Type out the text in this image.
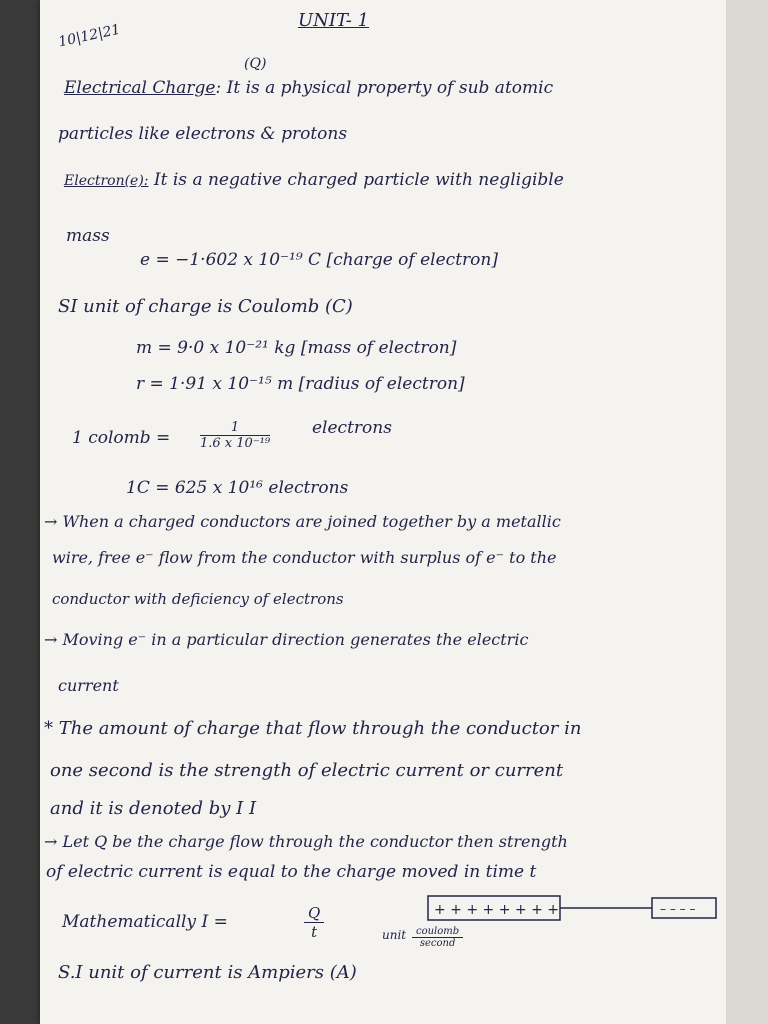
10|12|21
UNIT- 1
(Q)
Electrical Charge: It is a physical property of sub atomic
particles like electrons & protons
Electron(e): It is a negative charged particle with negligible
mass
e = −1·602 x 10⁻¹⁹ C [charge of electron]
SI unit of charge is Coulomb (C)
m = 9·0 x 10⁻²¹ kg [mass of electron]
r = 1·91 x 10⁻¹⁵ m [radius of electron]
1 colomb = $\frac{1}{\text{1.6 x 10⁻¹⁹}}$ electrons
1C = 625 x 10¹⁶ electrons
→ When a charged conductors are joined together by a metallic
wire, free e⁻ flow from the conductor with surplus of e⁻ to the
conductor with deficiency of electrons
→ Moving e⁻ in a particular direction generates the electric
current
* The amount of charge that flow through the conductor in
one second is the strength of electric current or current
and it is denoted by I I
→ Let Q be the charge flow through the conductor then strength
of electric current is equal to the charge moved in time t
Mathematically I =	$\frac{Q}{t}$	unit coulomb
second
+ + + + + + + +	– – – –
S.I unit of current is Ampiers (A)
